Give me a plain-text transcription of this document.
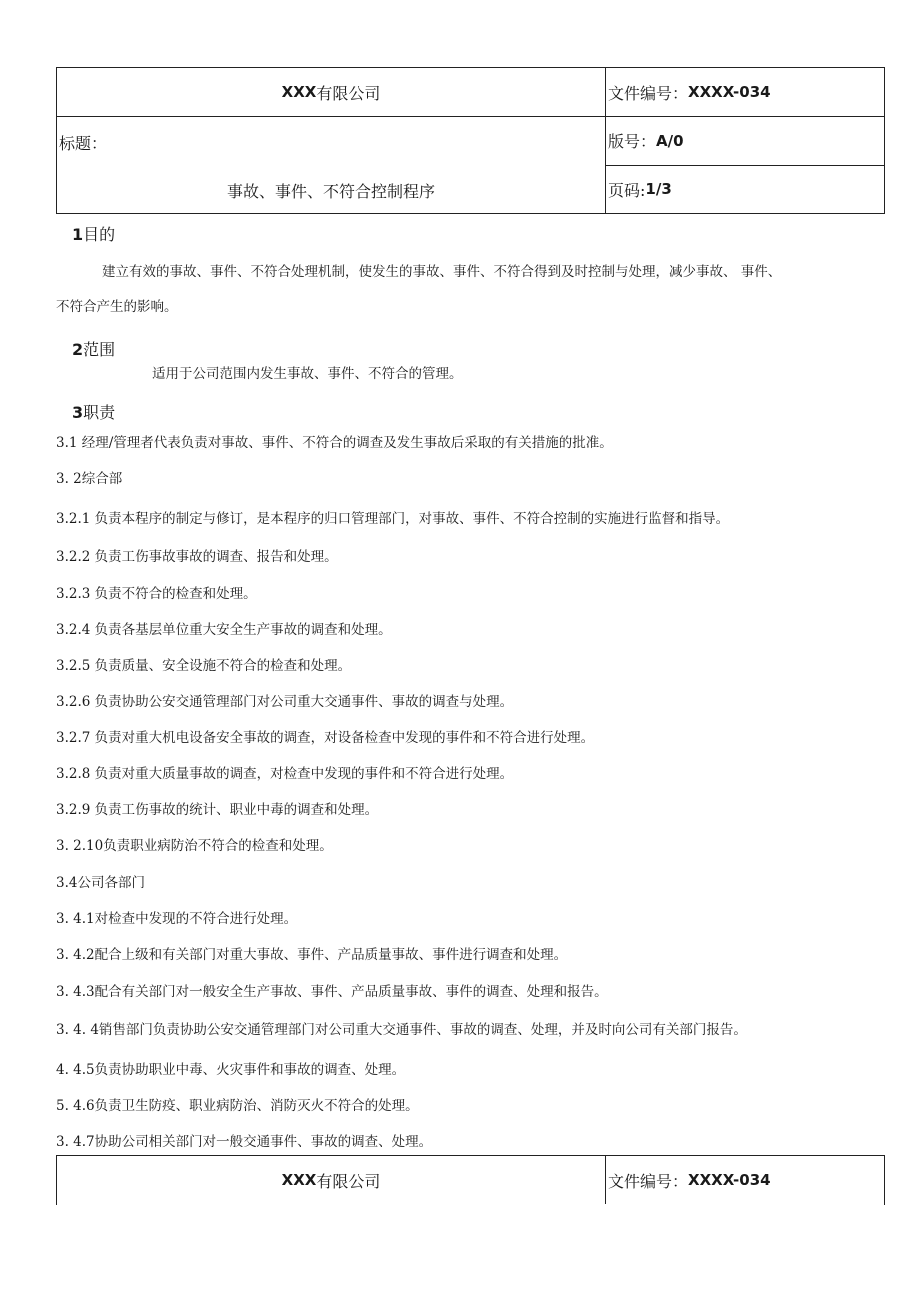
XXX 有限公司	文件编号： XXXX-034
标题：
事故、事件、不符合控制程序
版号： A/0
页码: 1/3
1目的
建立有效的事故、事件、不符合处理机制，使发生的事故、事件、不符合得到及时控制与处理，减少事故、 事件、
不符合产生的影响。
2范围
适用于公司范围内发生事故、事件、不符合的管理。
3职责
3.1 经理/管理者代表负责对事故、事件、不符合的调查及发生事故后采取的有关措施的批准。
3. 2综合部
3.2.1 负责本程序的制定与修订，是本程序的归口管理部门，对事故、事件、不符合控制的实施进行监督和指导。
3.2.2 负责工伤事故事故的调查、报告和处理。
3.2.3 负责不符合的检查和处理。
3.2.4 负责各基层单位重大安全生产事故的调查和处理。
3.2.5 负责质量、安全设施不符合的检查和处理。
3.2.6 负责协助公安交通管理部门对公司重大交通事件、事故的调查与处理。
3.2.7 负责对重大机电设备安全事故的调查，对设备检查中发现的事件和不符合进行处理。
3.2.8 负责对重大质量事故的调查，对检查中发现的事件和不符合进行处理。
3.2.9 负责工伤事故的统计、职业中毒的调查和处理。
3. 2.10负责职业病防治不符合的检查和处理。
3.4公司各部门
3. 4.1对检查中发现的不符合进行处理。
3. 4.2配合上级和有关部门对重大事故、事件、产品质量事故、事件进行调查和处理。
3. 4.3配合有关部门对一般安全生产事故、事件、产品质量事故、事件的调查、处理和报告。
3. 4. 4销售部门负责协助公安交通管理部门对公司重大交通事件、事故的调查、处理，并及时向公司有关部门报告。
4. 4.5负责协助职业中毒、火灾事件和事故的调查、处理。
5. 4.6负责卫生防疫、职业病防治、消防灭火不符合的处理。
3. 4.7协助公司相关部门对一般交通事件、事故的调查、处理。
XXX 有限公司	文件编号： XXXX-034
